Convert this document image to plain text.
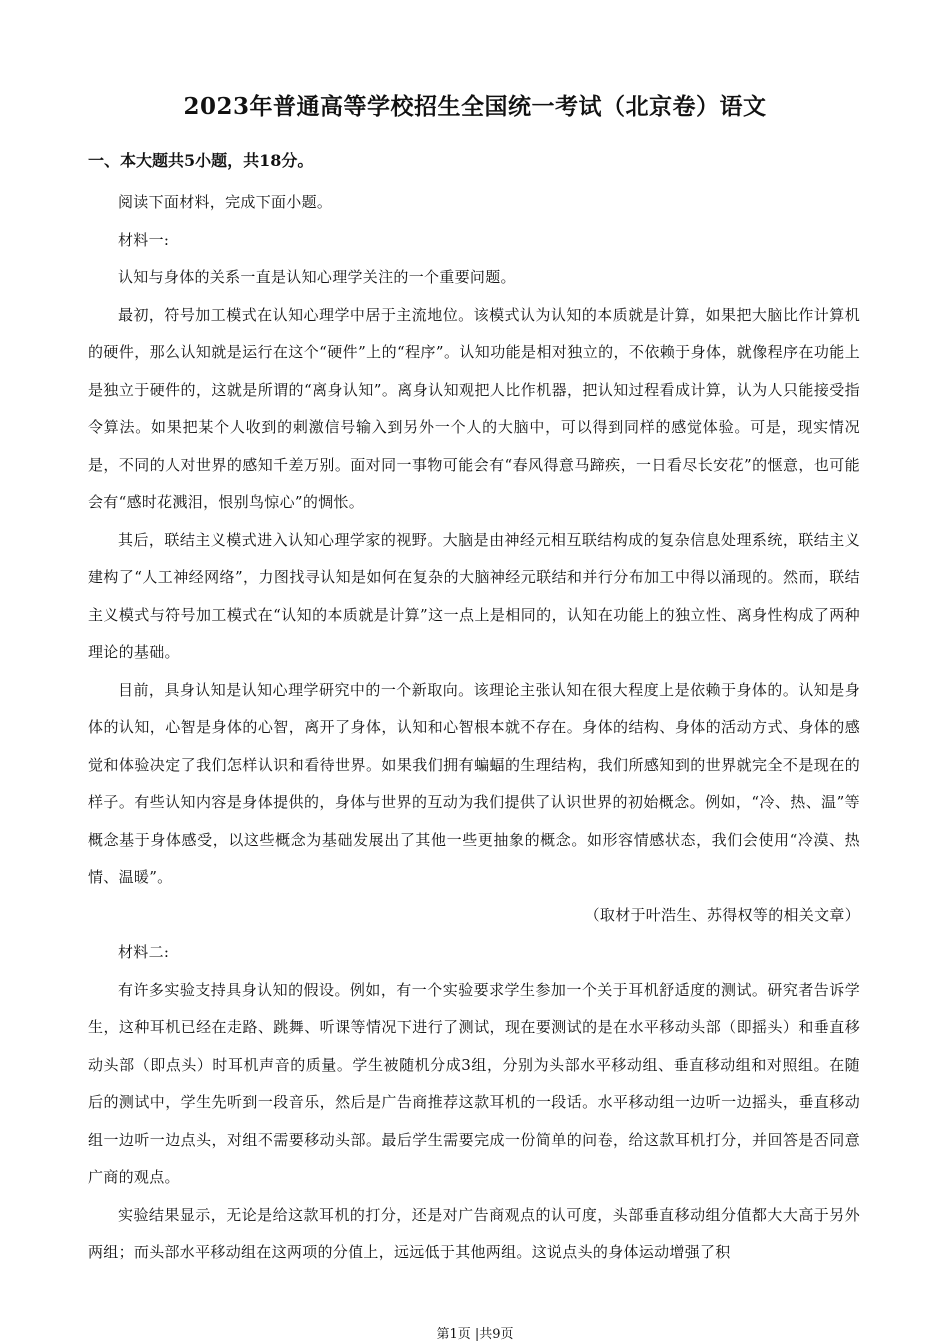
2023年普通高等学校招生全国统一考试（北京卷）语文
一、本大题共5小题，共18分。

阅读下面材料，完成下面小题。

材料一:

认知与身体的关系一直是认知心理学关注的一个重要问题。

最初，符号加工模式在认知心理学中居于主流地位。该模式认为认知的本质就是计算，如果把大脑比作计算机的硬件，那么认知就是运行在这个“硬件”上的“程序”。认知功能是相对独立的，不依赖于身体，就像程序在功能上是独立于硬件的，这就是所谓的“离身认知”。离身认知观把人比作机器，把认知过程看成计算，认为人只能接受指令算法。如果把某个人收到的刺激信号输入到另外一个人的大脑中，可以得到同样的感觉体验。可是，现实情况是，不同的人对世界的感知千差万别。面对同一事物可能会有“春风得意马蹄疾，一日看尽长安花”的惬意，也可能会有“感时花溅泪，恨别鸟惊心”的惆怅。

其后，联结主义模式进入认知心理学家的视野。大脑是由神经元相互联结构成的复杂信息处理系统，联结主义建构了“人工神经网络”，力图找寻认知是如何在复杂的大脑神经元联结和并行分布加工中得以涌现的。然而，联结主义模式与符号加工模式在“认知的本质就是计算”这一点上是相同的，认知在功能上的独立性、离身性构成了两种理论的基础。

目前，具身认知是认知心理学研究中的一个新取向。该理论主张认知在很大程度上是依赖于身体的。认知是身体的认知，心智是身体的心智，离开了身体，认知和心智根本就不存在。身体的结构、身体的活动方式、身体的感觉和体验决定了我们怎样认识和看待世界。如果我们拥有蝙蝠的生理结构，我们所感知到的世界就完全不是现在的样子。有些认知内容是身体提供的，身体与世界的互动为我们提供了认识世界的初始概念。例如，“冷、热、温”等概念基于身体感受，以这些概念为基础发展出了其他一些更抽象的概念。如形容情感状态，我们会使用“冷漠、热情、温暖”。

（取材于叶浩生、苏得权等的相关文章）

材料二:

有许多实验支持具身认知的假设。例如，有一个实验要求学生参加一个关于耳机舒适度的测试。研究者告诉学生，这种耳机已经在走路、跳舞、听课等情况下进行了测试，现在要测试的是在水平移动头部（即摇头）和垂直移动头部（即点头）时耳机声音的质量。学生被随机分成3组，分别为头部水平移动组、垂直移动组和对照组。在随后的测试中，学生先听到一段音乐，然后是广告商推荐这款耳机的一段话。水平移动组一边听一边摇头，垂直移动组一边听一边点头，对组不需要移动头部。最后学生需要完成一份简单的问卷，给这款耳机打分，并回答是否同意广商的观点。

实验结果显示，无论是给这款耳机的打分，还是对广告商观点的认可度，头部垂直移动组分值都大大高于另外两组；而头部水平移动组在这两项的分值上，远远低于其他两组。这说点头的身体运动增强了积

第1页 |共9页
